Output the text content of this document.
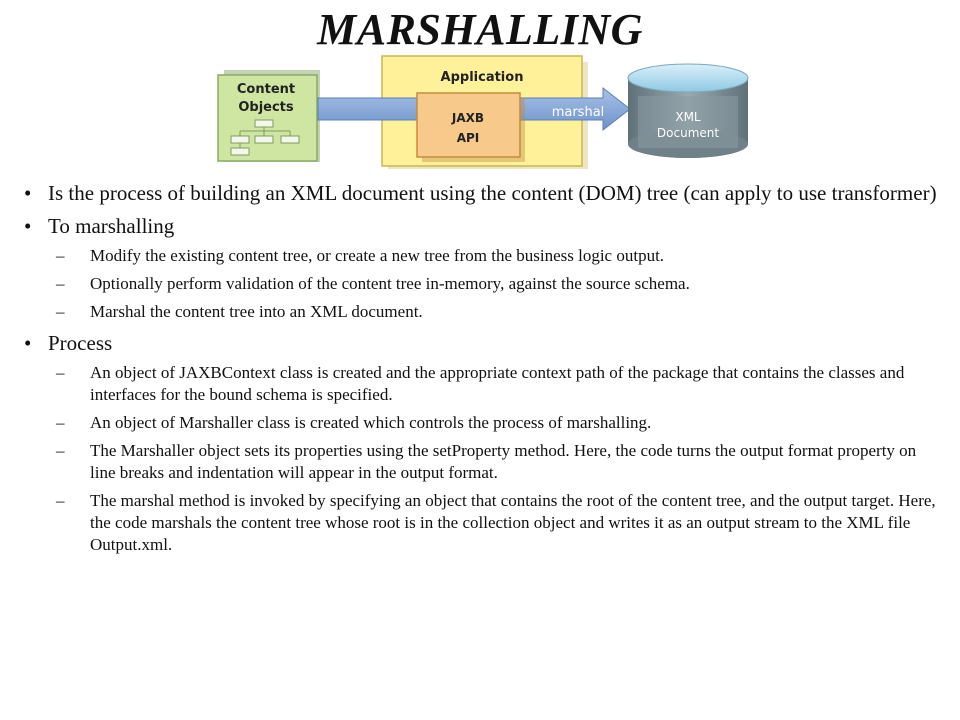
MARSHALLING
Content
Objects
Application
marshal
JAXB
API
XML
Document
• Is the process of building an XML document using the content (DOM) tree (can apply to use transformer)
• To marshalling
– Modify the existing content tree, or create a new tree from the business logic output.
– Optionally perform validation of the content tree in-memory, against the source schema.
– Marshal the content tree into an XML document.
• Process
– An object of JAXBContext class is created and the appropriate context path of the package that contains the classes and interfaces for the bound schema is specified.
– An object of Marshaller class is created which controls the process of marshalling.
– The Marshaller object sets its properties using the setProperty method. Here, the code turns the output format property on line breaks and indentation will appear in the output format.
– The marshal method is invoked by specifying an object that contains the root of the content tree, and the output target. Here, the code marshals the content tree whose root is in the collection object and writes it as an output stream to the XML file Output.xml.
